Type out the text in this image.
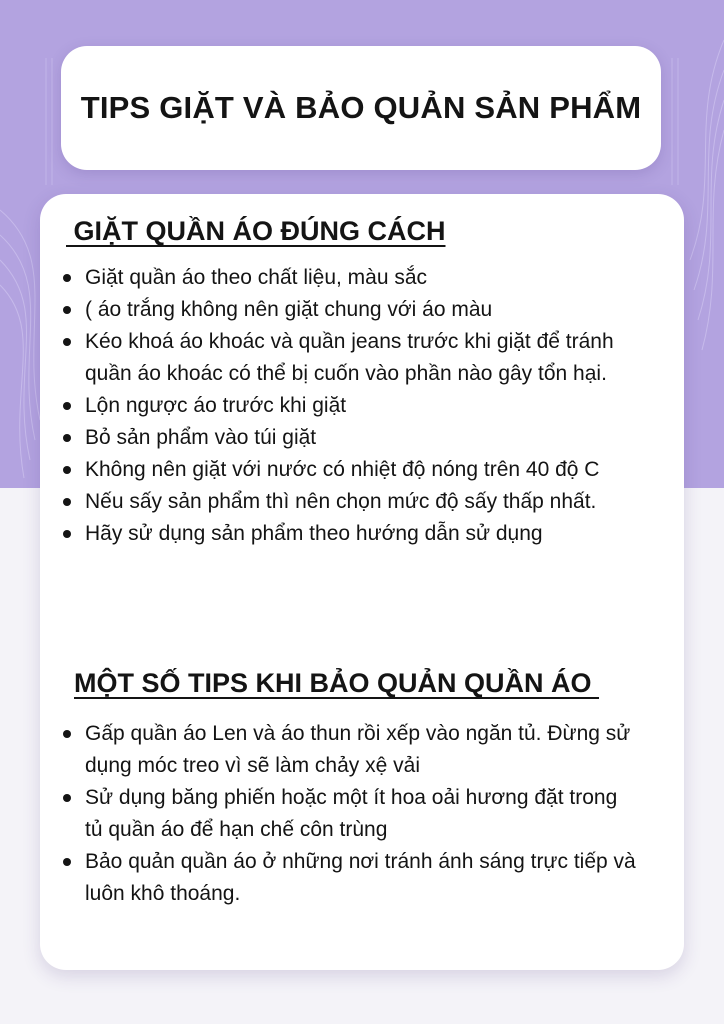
TIPS GIẶT VÀ BẢO QUẢN SẢN PHẨM
GIẶT QUẦN ÁO ĐÚNG CÁCH
Giặt quần áo theo chất liệu, màu sắc
( áo trắng không nên giặt chung với áo màu
Kéo khoá áo khoác và quần jeans trước khi giặt để tránh quần áo khoác có thể bị cuốn vào phần nào gây tổn hại.
Lộn ngược áo trước khi giặt
Bỏ sản phẩm vào túi giặt
Không nên giặt với nước có nhiệt độ nóng trên 40 độ C
Nếu sấy sản phẩm thì nên chọn mức độ sấy thấp nhất.
Hãy sử dụng sản phẩm theo hướng dẫn sử dụng
MỘT SỐ TIPS KHI BẢO QUẢN QUẦN ÁO
Gấp quần áo Len và áo thun rồi xếp vào ngăn tủ. Đừng sử dụng móc treo vì sẽ làm chảy xệ vải
Sử dụng băng phiến hoặc một ít hoa oải hương đặt trong tủ quần áo để hạn chế côn trùng
Bảo quản quần áo ở những nơi tránh ánh sáng trực tiếp và luôn khô thoáng.
